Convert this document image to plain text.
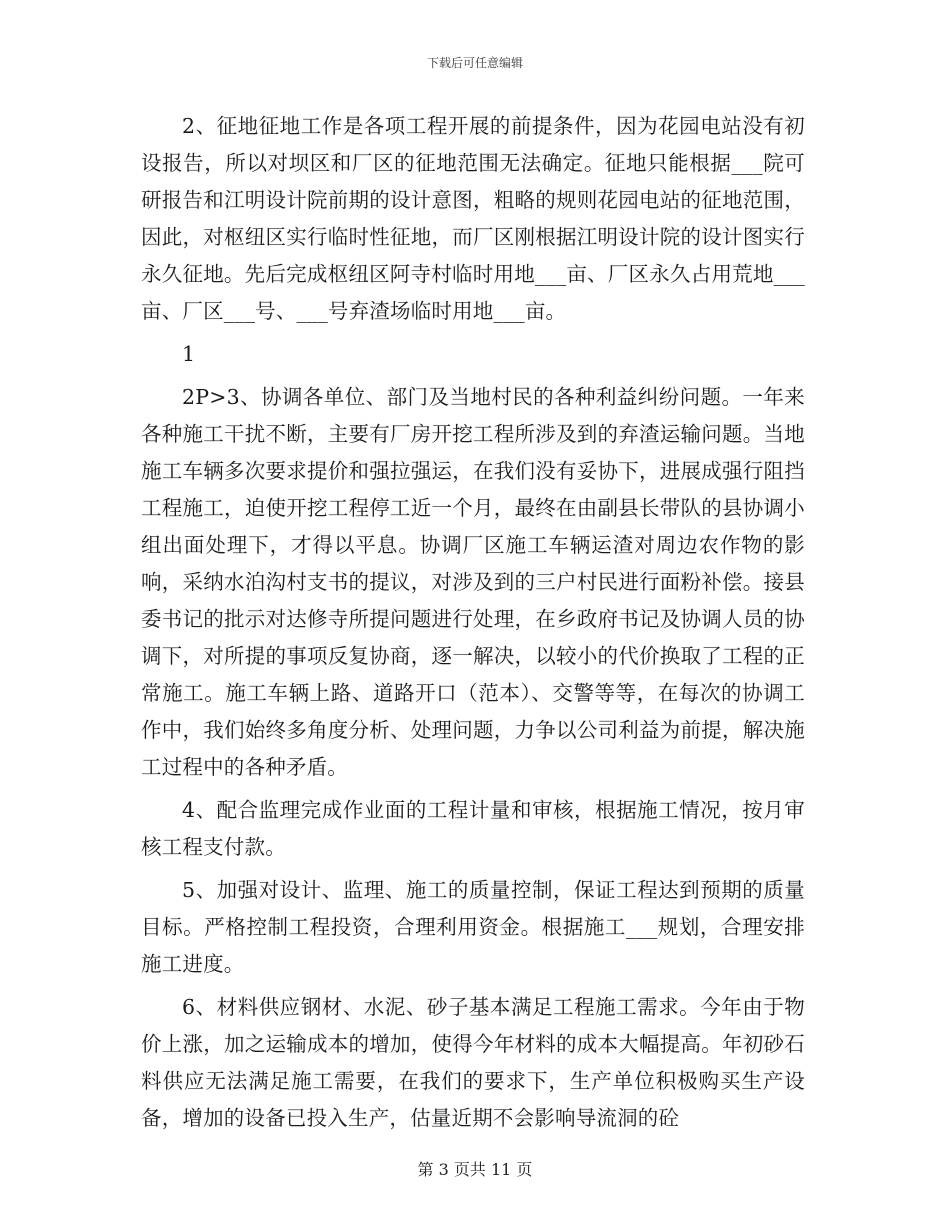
下载后可任意编辑

2、征地征地工作是各项工程开展的前提条件，因为花园电站没有初设报告，所以对坝区和厂区的征地范围无法确定。征地只能根据___院可研报告和江明设计院前期的设计意图，粗略的规则花园电站的征地范围，因此，对枢纽区实行临时性征地，而厂区刚根据江明设计院的设计图实行永久征地。先后完成枢纽区阿寺村临时用地___亩、厂区永久占用荒地___亩、厂区___号、___号弃渣场临时用地___亩。

1

2P>3、协调各单位、部门及当地村民的各种利益纠纷问题。一年来各种施工干扰不断，主要有厂房开挖工程所涉及到的弃渣运输问题。当地施工车辆多次要求提价和强拉强运，在我们没有妥协下，进展成强行阻挡工程施工，迫使开挖工程停工近一个月，最终在由副县长带队的县协调小组出面处理下，才得以平息。协调厂区施工车辆运渣对周边农作物的影响，采纳水泊沟村支书的提议，对涉及到的三户村民进行面粉补偿。接县委书记的批示对达修寺所提问题进行处理，在乡政府书记及协调人员的协调下，对所提的事项反复协商，逐一解决，以较小的代价换取了工程的正常施工。施工车辆上路、道路开口（范本）、交警等等，在每次的协调工作中，我们始终多角度分析、处理问题，力争以公司利益为前提，解决施工过程中的各种矛盾。

4、配合监理完成作业面的工程计量和审核，根据施工情况，按月审核工程支付款。

5、加强对设计、监理、施工的质量控制，保证工程达到预期的质量目标。严格控制工程投资，合理利用资金。根据施工___规划，合理安排施工进度。

6、材料供应钢材、水泥、砂子基本满足工程施工需求。今年由于物价上涨，加之运输成本的增加，使得今年材料的成本大幅提高。年初砂石料供应无法满足施工需要，在我们的要求下，生产单位积极购买生产设备，增加的设备已投入生产，估量近期不会影响导流洞的砼

第 3 页共 11 页
